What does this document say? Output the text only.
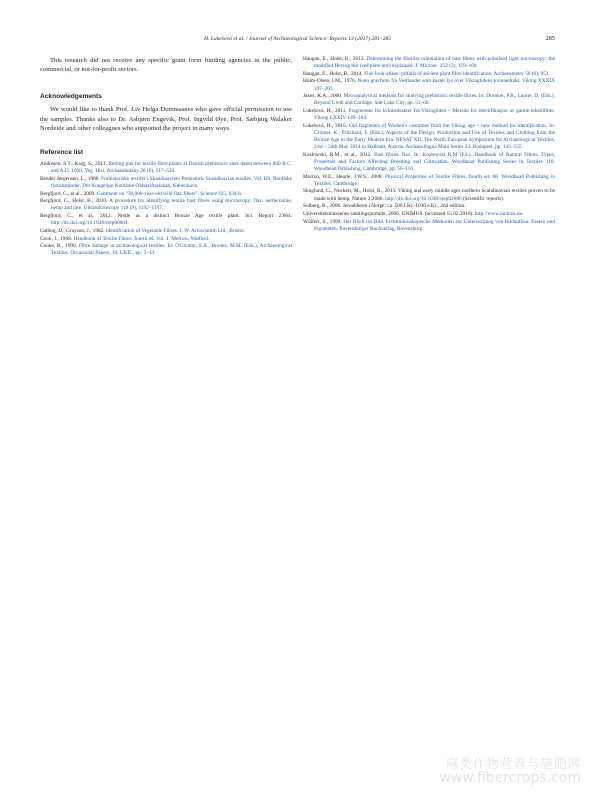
H. Lukešová et al. / Journal of Archaeological Science: Reports 13 (2017) 281–285	285

This research did not receive any specific grant form funding agencies in the public, commercial, or not-for-profit sectors.

Acknowledgements

We would like to thank Prof. Liv Helga Dommasnes who gave official permission to use the samples. Thanks also to Dr. Asbjørn Engevik, Prof. Ingvild Øye, Prof. Sæbjørg Walaker Nordeide and other colleagues who supported the project in many ways.

Reference list

Andresen, S.T., Karg, S., 2011. Retting pits for textile fibre plants at Danish prehistoric sites dated between 800 B.C. and A.D. 1050. Veg. Hist. Archaeobotany 20 (6), 517–526.

Bender Jørgensen, L., 1986. Forhistoriske textiler i Skandinavien: Prehistoric Scandinavian textiles. Vol. B9, Nordiske fortidsminder, Det Kongelige Nordiske Oldskriftselskab, København.

Bergfjord, C., et al., 2009. Comment on "30,000-year-old wild flax fibers". Science 325, 634-b.

Bergfjord, C., Holst, B., 2010. A procedure for identifying textile bast fibres using microscopy: flax, nettle/ramie, hemp and jute. Ultramicroscopy 110 (9), 1192–1197.

Bergfjord, C., et al., 2012. Nettle as a distinct Bronze Age textile plant. Sci. Report 2:664. http://dx.doi.org/10.1038/srep00664.

Catling, D., Grayson, J., 1982. Identification of Vegetable Fibres. J. W. Arrowsmith Ltd., Bristol.

Cook, J., 1968. Handbook of Textile Fibres. fourth ed. Vol. 1. Merrow, Watford.

Cooke, B., 1990. Fibre damage in archaeological textiles. In: O'Connor, S.A., Brooks, M.M. (Eds.), Archaeological Textiles. Occasional Papers, 10, UKIC, pp. 5–14.

Haugan, E., Holst, B., 2013. Determining the fibrillar orientation of bast fibres with polarized light microscopy: the modified Herzog test (red plate test) explained. J. Microsc. 252 (2), 159–168.

Haugan, E., Holst, B., 2014. Flax look-alikes: pitfalls of ancient plant fibre identification. Archaeometry 56 (6), 951.

Holm-Olsen, I.M., 1976. Noen gravfunn fra Vestlandet som kaster lys over Vikingtidens kvinnedrakt. Viking XXXIX 197–205.

Jakes, K.A., 2000. Microanalytical methods for studying prehistoric textile fibres. In: Drooker, P.B., Laurie, D. (Eds.), Beyond Cloth and Cordage. Salt Lake City, pp. 51–68.

Lukešová, H., 2011. Fragmenter fra kvinnedrakter fra Vikingtiden – Metode for identifikasjon av gamle tekstilfiber. Viking LXXIV 149–164.

Lukešová, H., 2015. Old fragments of Women's costumes from the Viking age – new method for identification. In: Grömer, K., Pritchard, F. (Eds.), Aspects of the Design, Production and Use of Textiles and Clothing from the Bronze Age to the Early Modern Era. NESAT XII. The North European Symposium for Archaeological Textiles, 21st – 24th May 2014 in Hallstatt, Austria. Archaeolingua Main Series 33. Budapest, pp. 145–155.

Kozłowski, R.M., et al., 2012. Bast fibres: flax. In: Kozłowski R.M (Ed.), Handbook of Natural Fibres. Types, Properties and Factors Affecting Breeding and Cultivation. Woodhead Publishing Series in Textiles 118. Woodhead Publishing, Cambridge, pp. 56–110.

Morton, W.E., Hearle, J.W.S., 2008. Physical Properties of Textile Fibres. fourth ed. 68. Woodhead Publishing in Textiles, Cambridge.

Skoglund, G., Nockert, M., Holst, B., 2013. Viking and early middle ages northern Scandinavian textiles proven to be made with hemp. Nature 3:2686. http://dx.doi.org/10.1038/srep02686 (Scientific reports).

Solberg, B., 2006. Jernalderen i Norge: ca. 500 f.Kr.-1030 e.Kr., 2nd edition.

Universitetsmuseenes samlingsportaler, 2006. UNIMUS. (accessed 15.02.2016). http://www.unimus.no.

Wülfert, S., 1999. Der Blick ins Bild. Lichtmikroskopische Methoden zur Untersuchung von Bildaufbau. Fasern und Pigmenten, Ravensburger Buchverlag, Ravensburg.

麻类作物营养与施肥网
www.fibercrops.com
